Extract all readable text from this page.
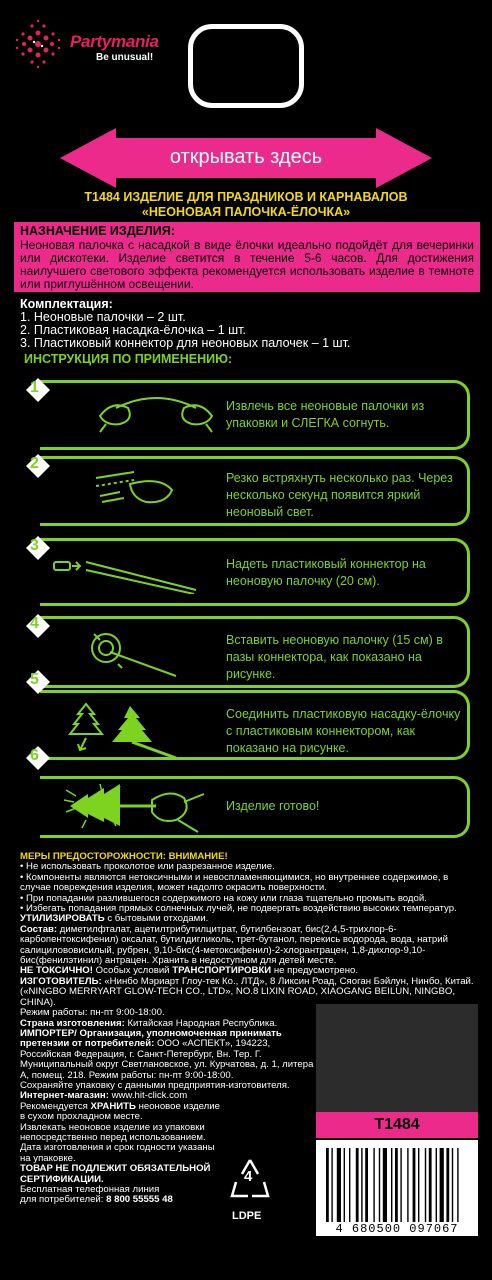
Partymania
Be unusual!
открывать здесь
T1484 ИЗДЕЛИЕ ДЛЯ ПРАЗДНИКОВ И КАРНАВАЛОВ
«НЕОНОВАЯ ПАЛОЧКА-ЁЛОЧКА»
НАЗНАЧЕНИЕ ИЗДЕЛИЯ:

Неоновая палочка с насадкой в виде ёлочки идеально подойдёт для вечеринки или дискотеки. Изделие светится в течение 5-6 часов. Для достижения наилучшего светового эффекта рекомендуется использовать изделие в темноте или приглушённом освещении.

Комплектация:
1. Неоновые палочки – 2 шт.
2. Пластиковая насадка-ёлочка – 1 шт.
3. Пластиковый коннектор для неоновых палочек – 1 шт.
ИНСТРУКЦИЯ ПО ПРИМЕНЕНИЮ:
1
Извлечь все неоновые палочки из упаковки и СЛЕГКА согнуть.
2
Резко встряхнуть несколько раз. Через несколько секунд появится яркий неоновый свет.
3
Надеть пластиковый коннектор на неоновую палочку (20 см).
4
Вставить неоновую палочку (15 см) в пазы коннектора, как показано на рисунке.
5
Соединить пластиковую насадку-ёлочку с пластиковым коннектором, как показано на рисунке.
6
Изделие готово!
МЕРЫ ПРЕДОСТОРОЖНОСТИ: ВНИМАНИЕ!
• Не использовать проколотое или разрезанное изделие.
• Компоненты являются нетоксичными и невоспламеняющимися, но внутреннее содержимое, в случае повреждения изделия, может надолго окрасить поверхности.
• При попадании разлившегося содержимого на кожу или глаза тщательно промыть водой.
• Избегать попадания прямых солнечных лучей, не подвергать воздействию высоких температур.
УТИЛИЗИРОВАТЬ с бытовыми отходами.
Состав: диметилфталат, ацетилтрибутилцитрат, бутилбензоат, бис(2,4,5-трихлор-6-карбопентоксифенил) оксалат, бутилдигликоль, трет-бутанол, перекись водорода, вода, натрий салицилововисилый, рубрен, 9,10-бис(4-метоксифенил)-2-хлорантрацен, 1,8-дихлор-9,10-бис(фенилэтинил) антрацен. Хранить в недоступном для детей месте.
НЕ ТОКСИЧНО! Особых условий ТРАНСПОРТИРОВКИ не предусмотрено.
ИЗГОТОВИТЕЛЬ: «Нинбо Мэриарт Глоу-тек Ко., ЛТД», 8 Ликсин Роад, Сяоган Бэйлун, Нинбо, Китай. («NINGBO MERRYART GLOW-TECH CO., LTD», NO.8 LIXIN ROAD, XIAOGANG BEILUN, NINGBO, CHINA).
Режим работы: пн-пт 9:00-18:00.
Страна изготовления: Китайская Народная Республика.
ИМПОРТЕР/ Организация, уполномоченная принимать претензии от потребителей: ООО «АСПЕКТ», 194223, Российская Федерация, г. Санкт-Петербург, Вн. Тер. Г. Муниципальный округ Светлановское, ул. Курчатова, д. 1, литера А, помещ. 218. Режим работы: пн-пт 9:00-18:00.
Сохраняйте упаковку с данными предприятия-изготовителя.
Интернет-магазин: www.hit-click.com
Рекомендуется ХРАНИТЬ неоновое изделие в сухом прохладном месте.
Извлекать неоновое изделие из упаковки непосредственно перед использованием.
Дата изготовления и срок годности указаны на упаковке.
ТОВАР НЕ ПОДЛЕЖИТ ОБЯЗАТЕЛЬНОЙ СЕРТИФИКАЦИИ.
Бесплатная телефонная линия
для потребителей: 8 800 55555 48
T1484
4 680500 097067
4
LDPE
